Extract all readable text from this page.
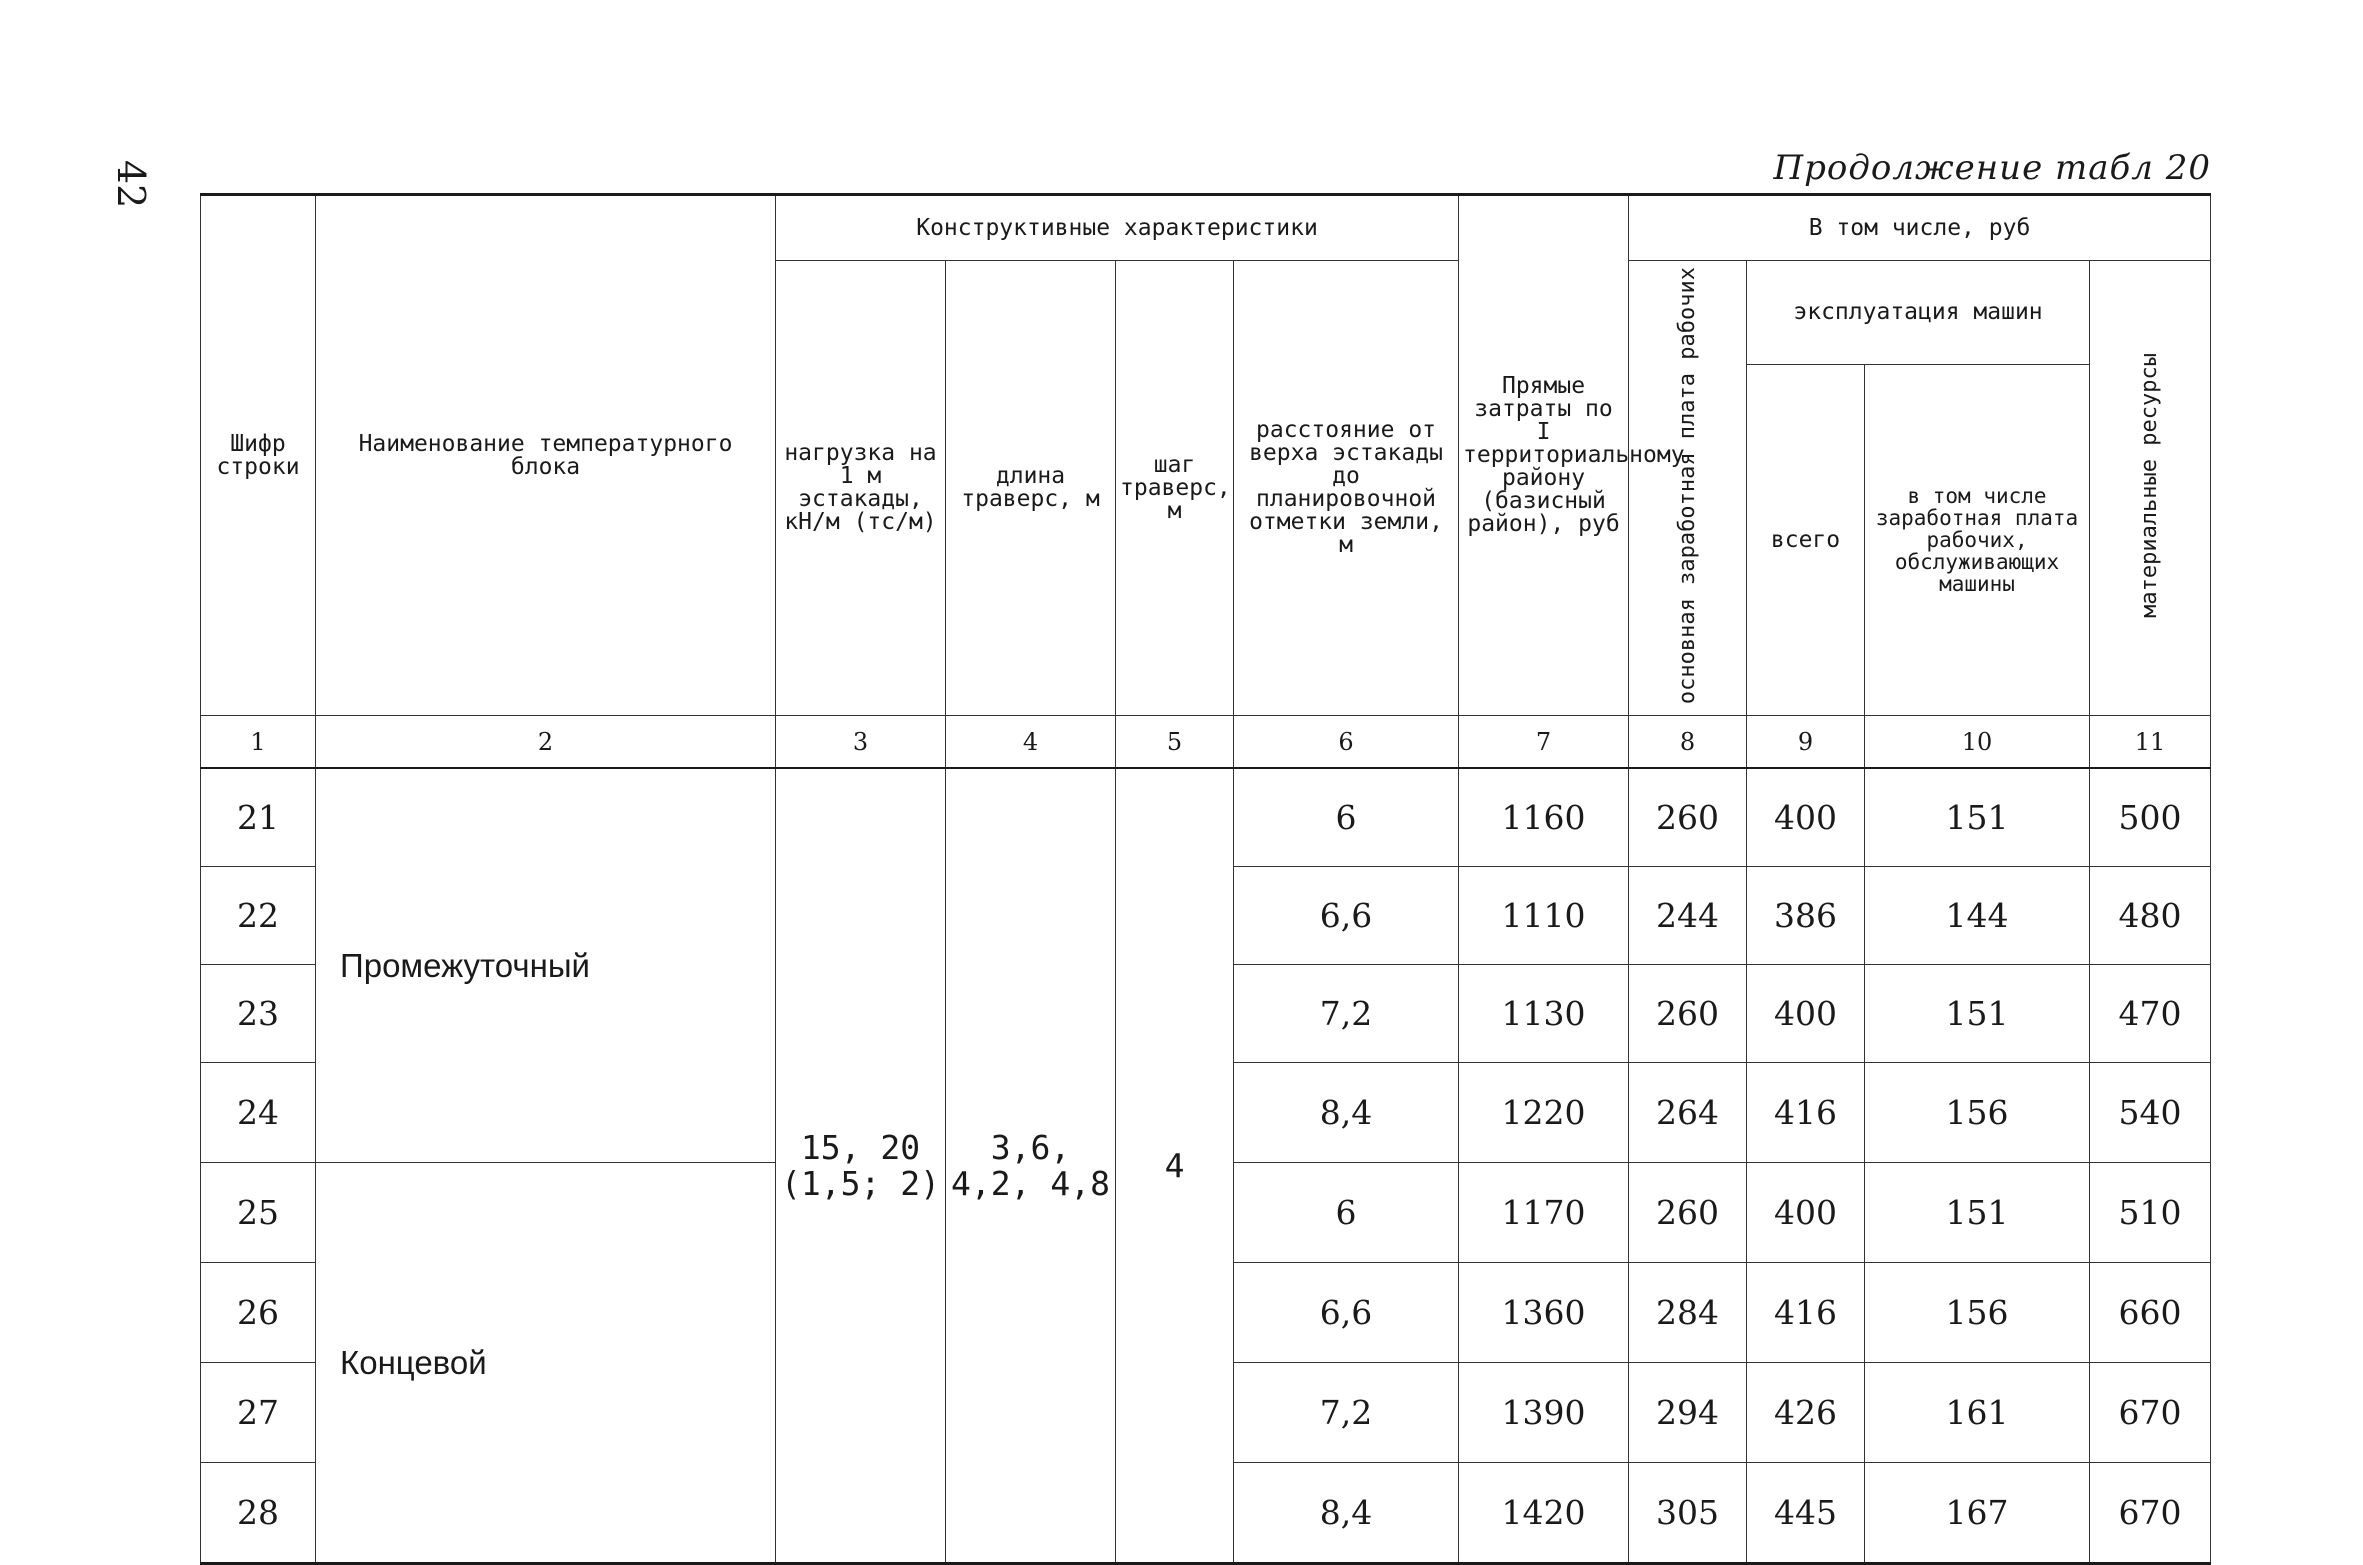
42	Продолжение табл 20
Шифр строки	Наименование температурного блока	Конструктивные характеристики				Прямые затраты по I территориальному району (базисный район), руб	В том числе, руб			
		нагрузка на 1 м эстакады, кН/м (тс/м)	длина траверс, м	шаг траверс, м	расстояние от верха эстакады до планировочной отметки земли, м		основная заработная плата рабочих	эксплуатация машин		материальные ресурсы
								всего	в том числе заработная плата рабочих, обслуживающих машины	
1	2	3	4	5	6	7	8	9	10	11
21	Промежуточный	15, 20 (1,5; 2)	3,6, 4,2, 4,8	4	6	1160	260	400	151	500
22					6,6	1110	244	386	144	480
23					7,2	1130	260	400	151	470
24					8,4	1220	264	416	156	540
25	Концевой				6	1170	260	400	151	510
26					6,6	1360	284	416	156	660
27					7,2	1390	294	426	161	670
28					8,4	1420	305	445	167	670
